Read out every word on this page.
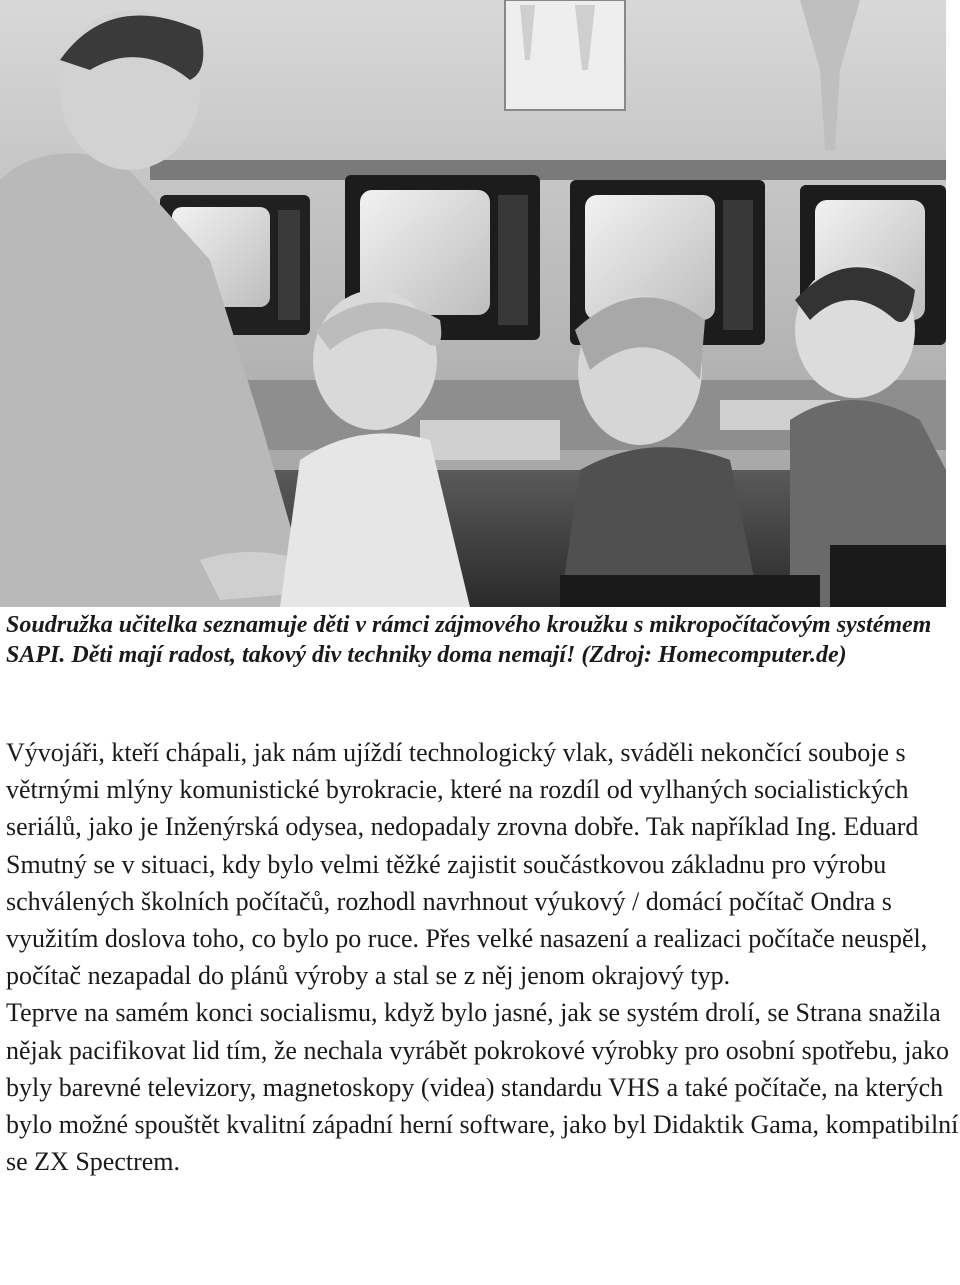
Soudružka učitelka seznamuje děti v rámci zájmového kroužku s mikropočítačovým systémem SAPI. Děti mají radost, takový div techniky doma nemají! (Zdroj: Homecomputer.de)

Vývojáři, kteří chápali, jak nám ujíždí technologický vlak, sváděli nekončící souboje s větrnými mlýny komunistické byrokracie, které na rozdíl od vylhaných socialistických seriálů, jako je Inženýrská odysea, nedopadaly zrovna dobře. Tak například Ing. Eduard Smutný se v situaci, kdy bylo velmi těžké zajistit součástkovou základnu pro výrobu schválených školních počítačů, rozhodl navrhnout výukový / domácí počítač Ondra s využitím doslova toho, co bylo po ruce. Přes velké nasazení a realizaci počítače neuspěl, počítač nezapadal do plánů výroby a stal se z něj jenom okrajový typ.

Teprve na samém konci socialismu, když bylo jasné, jak se systém drolí, se Strana snažila nějak pacifikovat lid tím, že nechala vyrábět pokrokové výrobky pro osobní spotřebu, jako byly barevné televizory, magnetoskopy (videa) standardu VHS a také počítače, na kterých bylo možné spouštět kvalitní západní herní software, jako byl Didaktik Gama, kompatibilní se ZX Spectrem.
